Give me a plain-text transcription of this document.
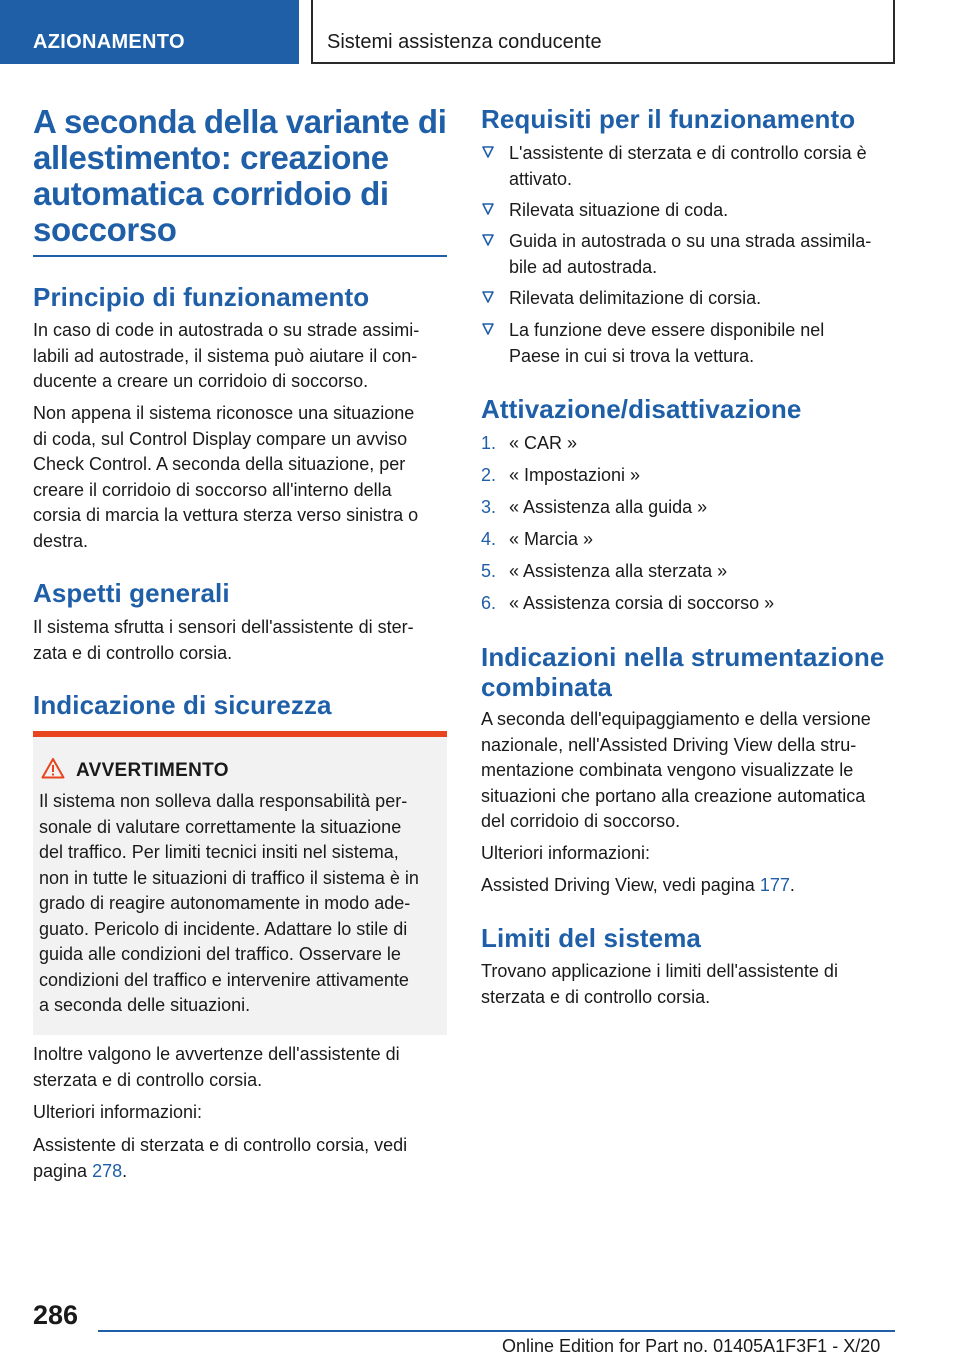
AZIONAMENTO	Sistemi assistenza conducente
A seconda della variante di
allestimento: creazione
automatica corridoio di
soccorso
Principio di funzionamento
In caso di code in autostrada o su strade assimi-
labili ad autostrade, il sistema può aiutare il con-
ducente a creare un corridoio di soccorso.
Non appena il sistema riconosce una situazione
di coda, sul Control Display compare un avviso
Check Control. A seconda della situazione, per
creare il corridoio di soccorso all'interno della
corsia di marcia la vettura sterza verso sinistra o
destra.
Aspetti generali
Il sistema sfrutta i sensori dell'assistente di ster-
zata e di controllo corsia.
Indicazione di sicurezza
AVVERTIMENTO
Il sistema non solleva dalla responsabilità per-
sonale di valutare correttamente la situazione
del traffico. Per limiti tecnici insiti nel sistema,
non in tutte le situazioni di traffico il sistema è in
grado di reagire autonomamente in modo ade-
guato. Pericolo di incidente. Adattare lo stile di
guida alle condizioni del traffico. Osservare le
condizioni del traffico e intervenire attivamente
a seconda delle situazioni.
Inoltre valgono le avvertenze dell'assistente di
sterzata e di controllo corsia.
Ulteriori informazioni:
Assistente di sterzata e di controllo corsia, vedi
pagina 278.
Requisiti per il funzionamento
L'assistente di sterzata e di controllo corsia è
attivato.
Rilevata situazione di coda.
Guida in autostrada o su una strada assimila-
bile ad autostrada.
Rilevata delimitazione di corsia.
La funzione deve essere disponibile nel
Paese in cui si trova la vettura.
Attivazione/disattivazione
1. « CAR »
2. « Impostazioni »
3. « Assistenza alla guida »
4. « Marcia »
5. « Assistenza alla sterzata »
6. « Assistenza corsia di soccorso »
Indicazioni nella strumentazione
combinata
A seconda dell'equipaggiamento e della versione
nazionale, nell'Assisted Driving View della stru-
mentazione combinata vengono visualizzate le
situazioni che portano alla creazione automatica
del corridoio di soccorso.
Ulteriori informazioni:
Assisted Driving View, vedi pagina 177.
Limiti del sistema
Trovano applicazione i limiti dell'assistente di
sterzata e di controllo corsia.
286
Online Edition for Part no. 01405A1F3F1 - X/20
